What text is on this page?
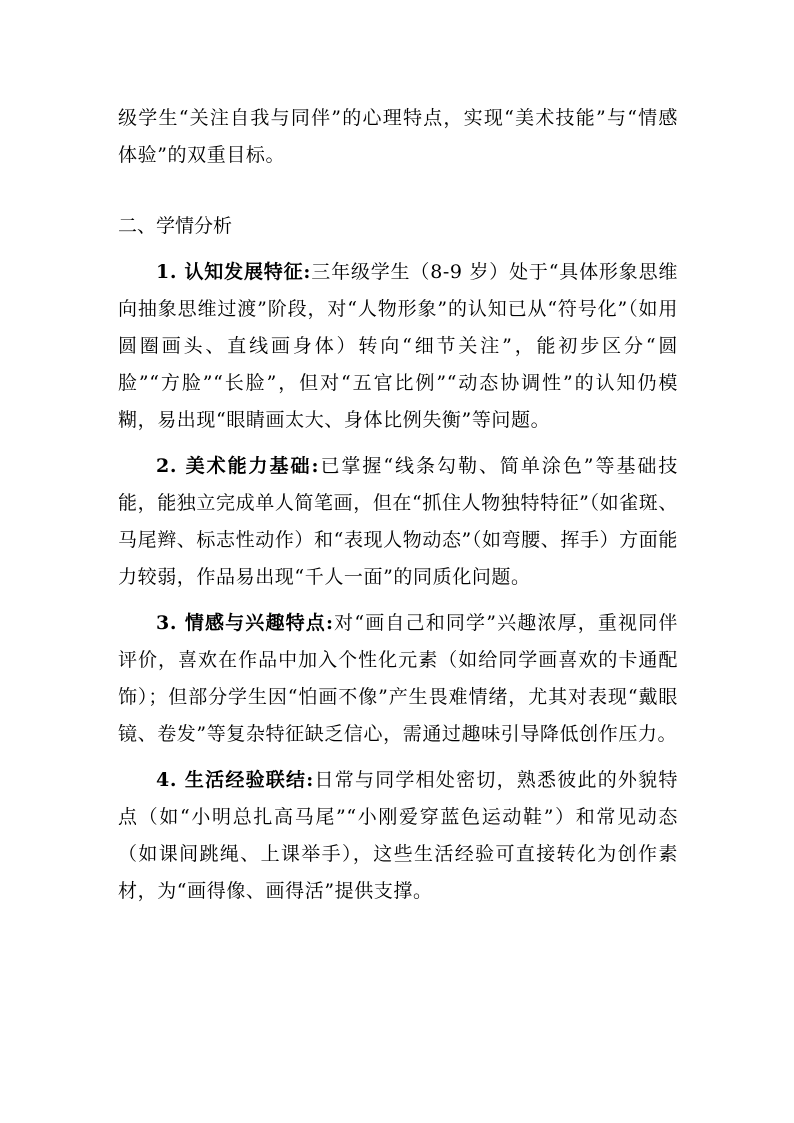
级学生“关注自我与同伴”的心理特点，实现“美术技能”与“情感体验”的双重目标。

二、学情分析

1. 认知发展特征:三年级学生（8-9 岁）处于“具体形象思维向抽象思维过渡”阶段，对“人物形象”的认知已从“符号化”（如用圆圈画头、直线画身体）转向“细节关注”，能初步区分“圆脸”“方脸”“长脸”，但对“五官比例”“动态协调性”的认知仍模糊，易出现“眼睛画太大、身体比例失衡”等问题。

2. 美术能力基础:已掌握“线条勾勒、简单涂色”等基础技能，能独立完成单人简笔画，但在“抓住人物独特特征”（如雀斑、马尾辫、标志性动作）和“表现人物动态”（如弯腰、挥手）方面能力较弱，作品易出现“千人一面”的同质化问题。

3. 情感与兴趣特点:对“画自己和同学”兴趣浓厚，重视同伴评价，喜欢在作品中加入个性化元素（如给同学画喜欢的卡通配饰）；但部分学生因“怕画不像”产生畏难情绪，尤其对表现“戴眼镜、卷发”等复杂特征缺乏信心，需通过趣味引导降低创作压力。

4. 生活经验联结:日常与同学相处密切，熟悉彼此的外貌特点（如“小明总扎高马尾”“小刚爱穿蓝色运动鞋”）和常见动态（如课间跳绳、上课举手），这些生活经验可直接转化为创作素材，为“画得像、画得活”提供支撑。
